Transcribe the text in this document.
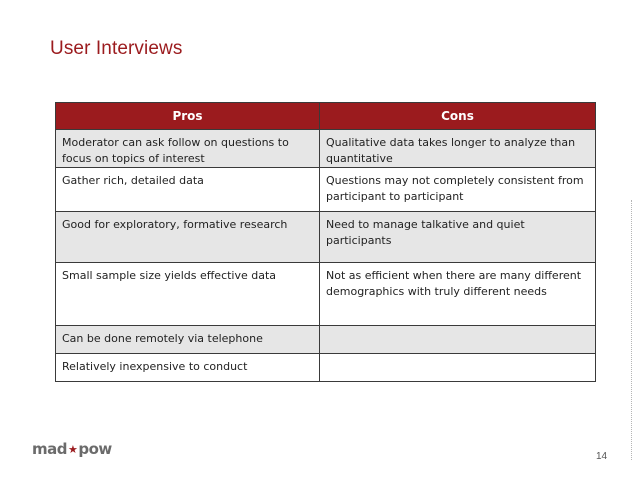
User Interviews
Pros	Cons
Moderator can ask follow on questions to focus on topics of interest	Qualitative data takes longer to analyze than quantitative
Gather rich, detailed data	Questions may not completely consistent from participant to participant
Good for exploratory, formative research	Need to manage talkative and quiet participants
Small sample size yields effective data	Not as efficient when there are many different demographics with truly different needs
Can be done remotely via telephone	
Relatively inexpensive to conduct	
mad ★ pow	14
